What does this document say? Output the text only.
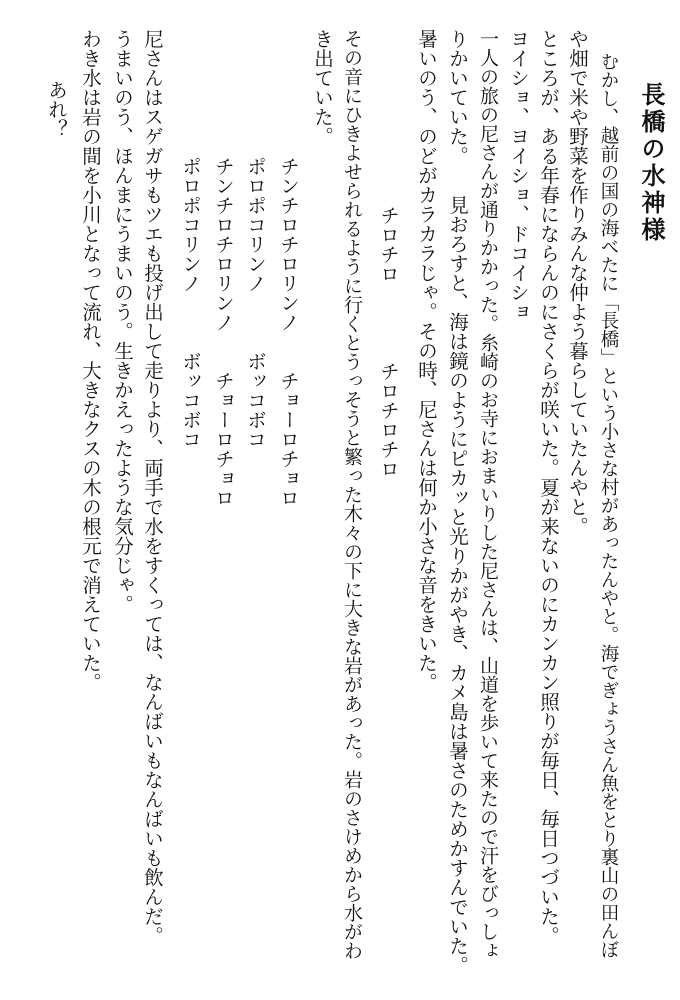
長橋の水神様
むかし、越前の国の海べたに「長橋」という小さな村があったんやと。海でぎょうさん魚をとり裏山の田んぼ
や畑で米や野菜を作りみんな仲よう暮らしていたんやと。
ところが、ある年春にならんのにさくらが咲いた。夏が来ないのにカンカン照りが毎日、毎日つづいた。
ヨイショ、ヨイショ、ドコイショ
一人の旅の尼さんが通りかかった。糸崎のお寺におまいりした尼さんは、山道を歩いて来たので汗をびっしょ
りかいていた。　　見おろすと、海は鏡のようにピカッと光りかがやき、カメ島は暑さのためかすんでいた。
暑いのう、のどがカラカラじゃ。その時、尼さんは何か小さな音をきいた。
　　　チロチロ　　　　チロチロチロ
その音にひきよせられるように行くとうっそうと繁った木々の下に大きな岩があった。岩のさけめから水がわ
き出ていた。
　　　チンチロチロリンノ　　チョーロチョロ
　　　ポロポコリンノ　　　ボッコボコ
　　　チンチロチロリンノ　　チョーロチョロ
　　　ポロポコリンノ　　　ボッコボコ
尼さんはスゲガサもツエも投げ出して走りより、両手で水をすくっては、なんばいもなんばいも飲んだ。
うまいのう、ほんまにうまいのう。生きかえったような気分じゃ。
わき水は岩の間を小川となって流れ、大きなクスの木の根元で消えていた。
あれ？
